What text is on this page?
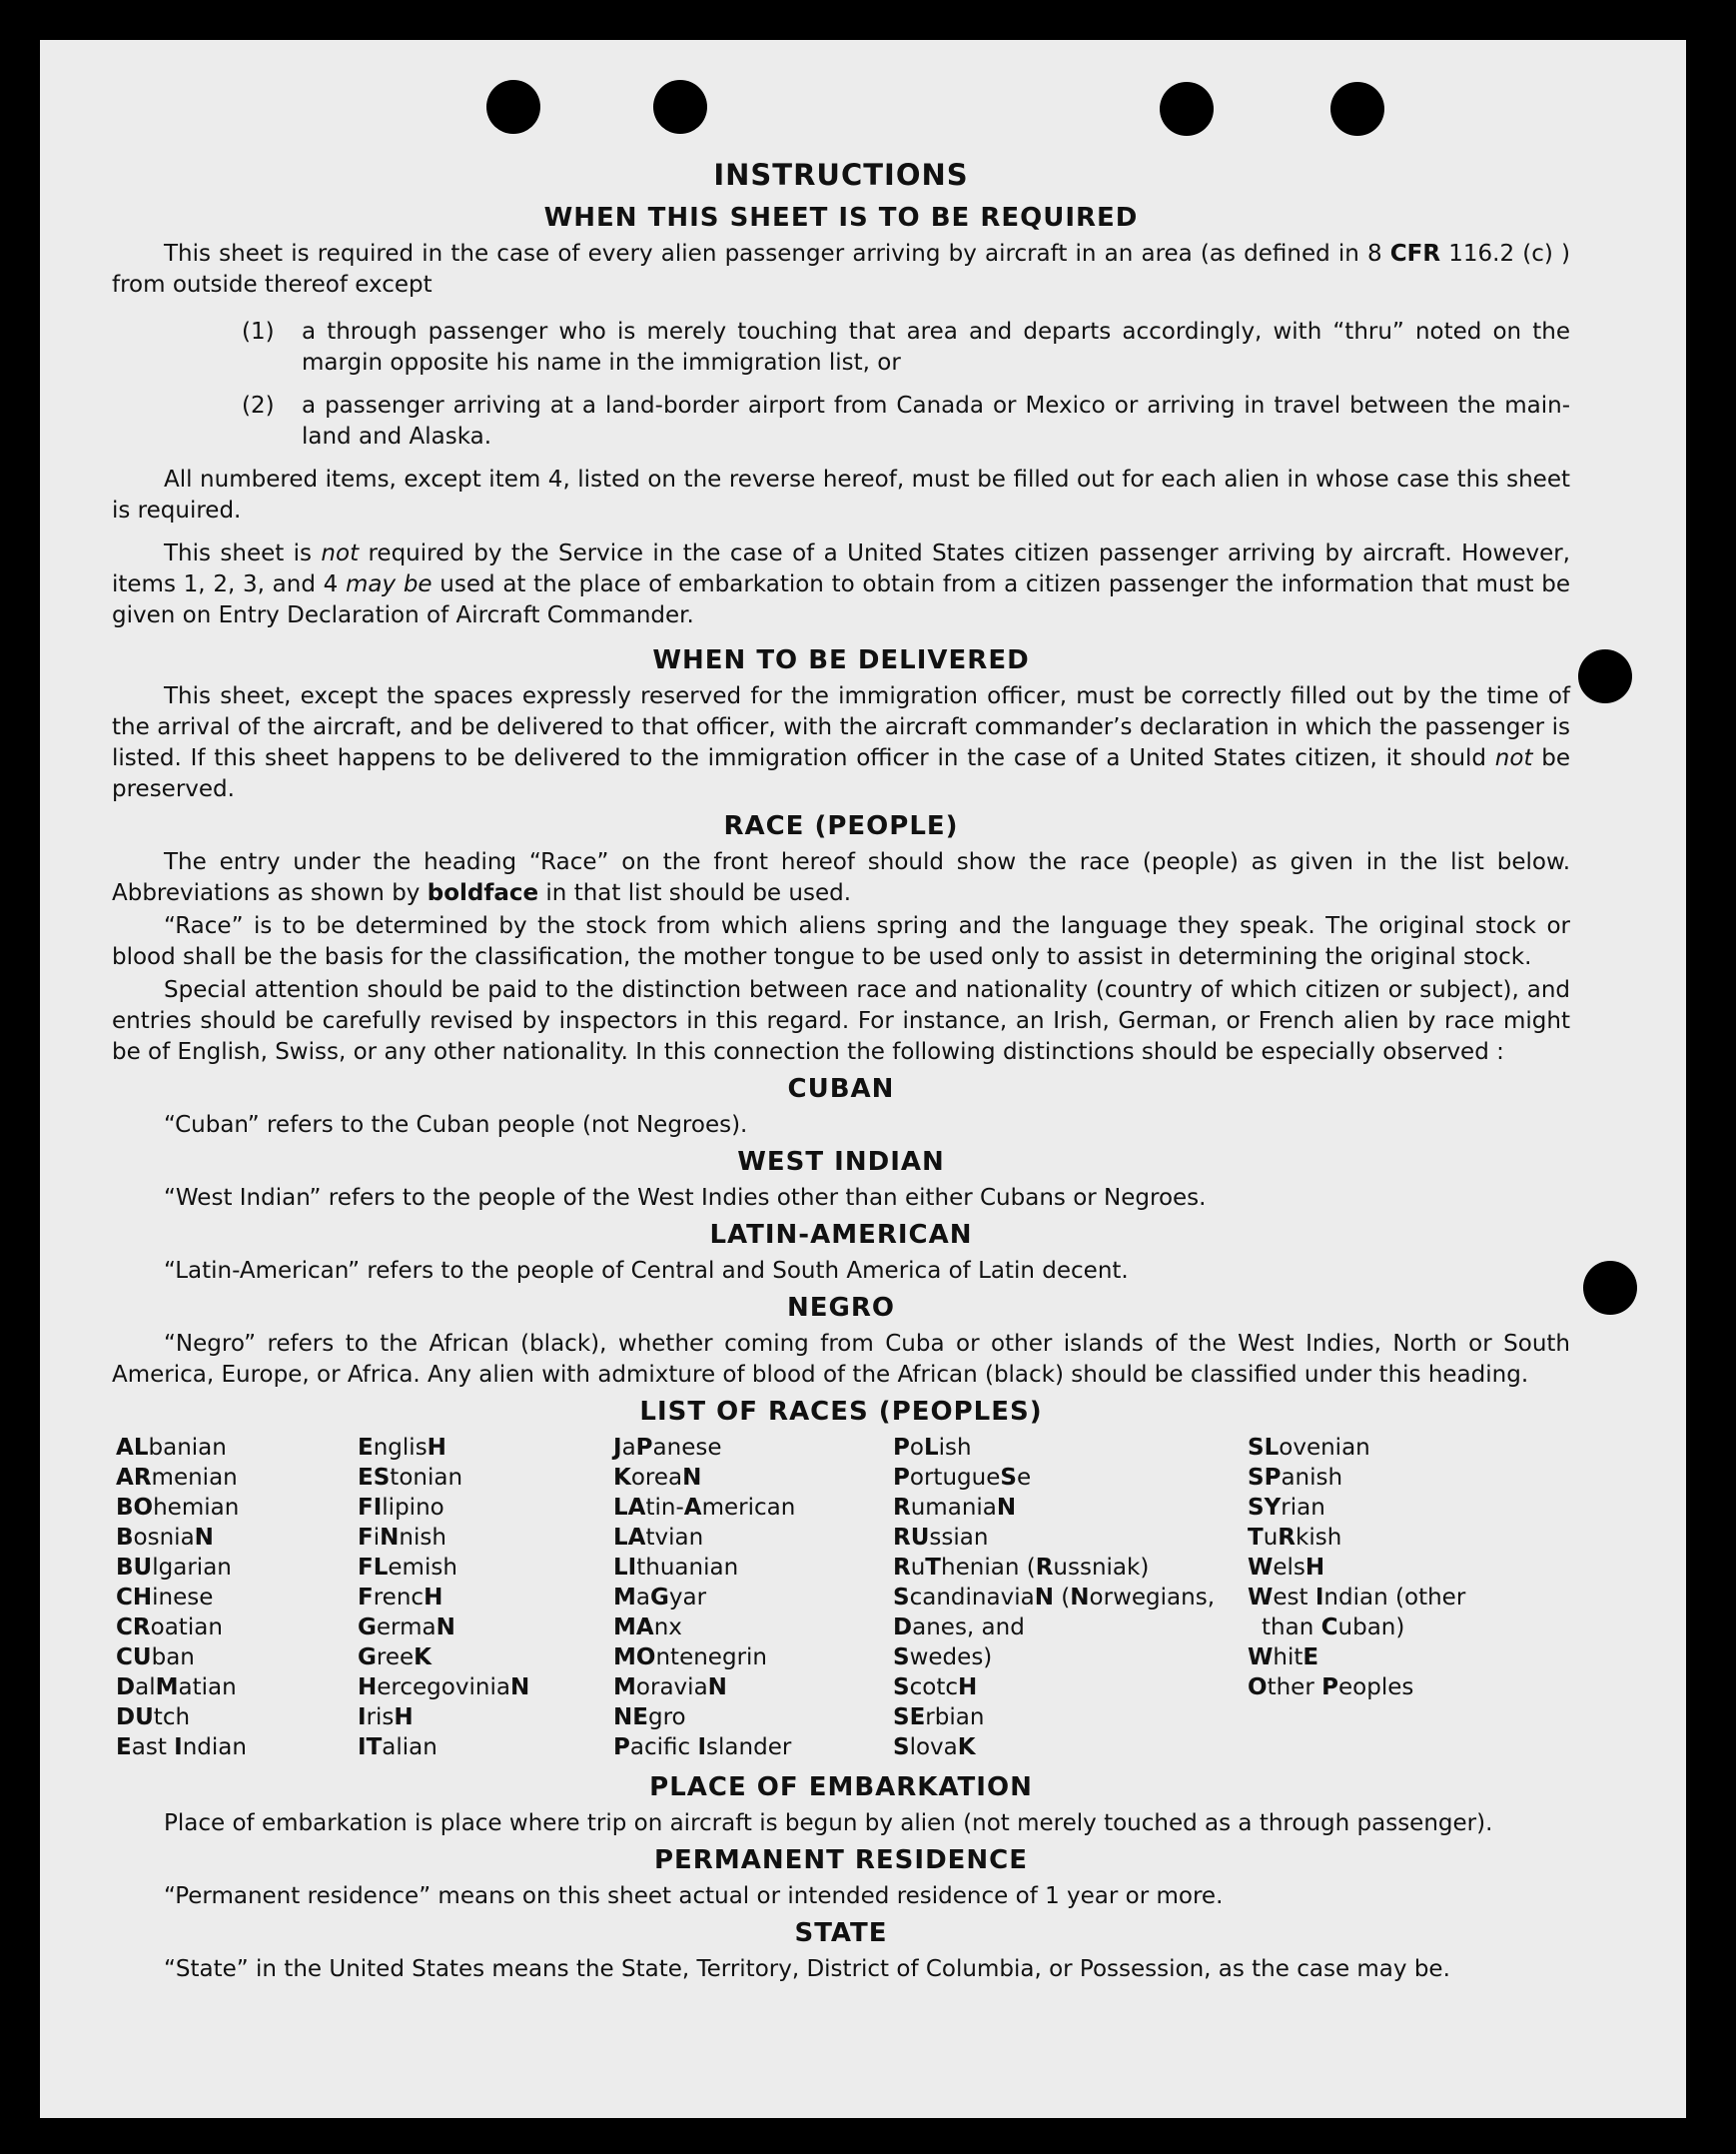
INSTRUCTIONS
WHEN THIS SHEET IS TO BE REQUIRED

This sheet is required in the case of every alien passenger arriving by aircraft in an area (as defined in 8 CFR 116.2 (c) ) from outside thereof except

(1)	a through passenger who is merely touching that area and departs accordingly, with “thru” noted on the margin opposite his name in the immigration list, or
(2)	a passenger arriving at a land-border airport from Canada or Mexico or arriving in travel between the main-land and Alaska.

All numbered items, except item 4, listed on the reverse hereof, must be filled out for each alien in whose case this sheet is required.

This sheet is not required by the Service in the case of a United States citizen passenger arriving by aircraft. However, items 1, 2, 3, and 4 may be used at the place of embarkation to obtain from a citizen passenger the information that must be given on Entry Declaration of Aircraft Commander.

WHEN TO BE DELIVERED

This sheet, except the spaces expressly reserved for the immigration officer, must be correctly filled out by the time of the arrival of the aircraft, and be delivered to that officer, with the aircraft commander’s declaration in which the passenger is listed. If this sheet happens to be delivered to the immigration officer in the case of a United States citizen, it should not be preserved.

RACE (PEOPLE)

The entry under the heading “Race” on the front hereof should show the race (people) as given in the list below. Abbreviations as shown by boldface in that list should be used.

“Race” is to be determined by the stock from which aliens spring and the language they speak. The original stock or blood shall be the basis for the classification, the mother tongue to be used only to assist in determining the original stock.

Special attention should be paid to the distinction between race and nationality (country of which citizen or subject), and entries should be carefully revised by inspectors in this regard. For instance, an Irish, German, or French alien by race might be of English, Swiss, or any other nationality. In this connection the following distinctions should be especially observed :

CUBAN

“Cuban” refers to the Cuban people (not Negroes).

WEST INDIAN

“West Indian” refers to the people of the West Indies other than either Cubans or Negroes.

LATIN-AMERICAN

“Latin-American” refers to the people of Central and South America of Latin decent.

NEGRO

“Negro” refers to the African (black), whether coming from Cuba or other islands of the West Indies, North or South America, Europe, or Africa. Any alien with admixture of blood of the African (black) should be classified under this heading.

LIST OF RACES (PEOPLES)
ALbanian
ARmenian
BOhemian
BosniaN
BUlgarian
CHinese
CRoatian
CUban
DalMatian
DUtch
East Indian
EnglisH
EStonian
FIlipino
FiNnish
FLemish
FrencH
GermaN
GreeK
HercegoviniaN
IrisH
ITalian
JaPanese
KoreaN
LAtin-American
LAtvian
LIthuanian
MaGyar
MAnx
MOntenegrin
MoraviaN
NEgro
Pacifc Islander
PoLish
PortugueSe
RumaniaN
RUssian
RuThenian (Russniak)
ScandinaviaN (Norwegians,
Danes, and
Swedes)
ScotcH
SErbian
SlovaK
SLovenian
SPanish
SYrian
TuRkish
WelsH
West Indian (other
than Cuban)
WhitE
Other Peoples
PLACE OF EMBARKATION

Place of embarkation is place where trip on aircraft is begun by alien (not merely touched as a through passenger).

PERMANENT RESIDENCE

“Permanent residence” means on this sheet actual or intended residence of 1 year or more.

STATE

“State” in the United States means the State, Territory, District of Columbia, or Possession, as the case may be.
